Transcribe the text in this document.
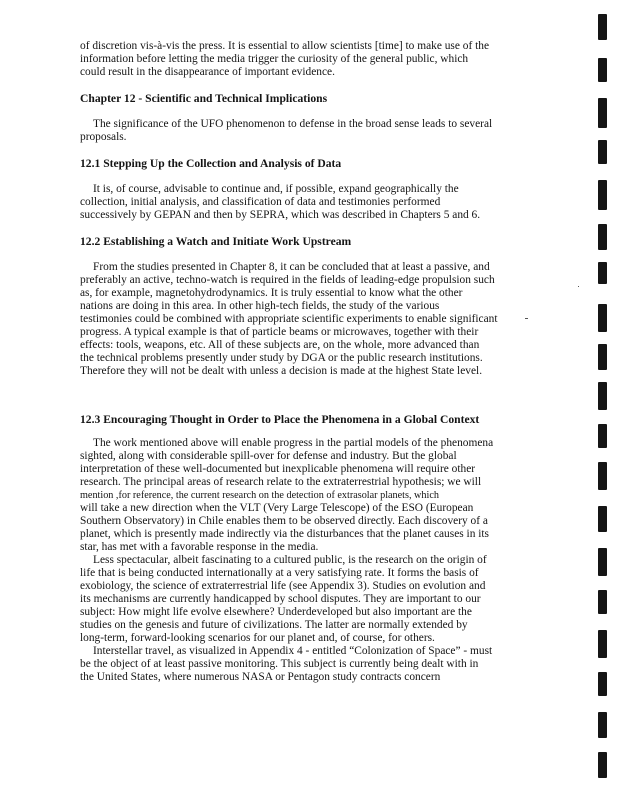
of discretion vis-à-vis the press. It is essential to allow scientists [time] to make use of the
information before letting the media trigger the curiosity of the general public, which
could result in the disappearance of important evidence.
Chapter 12 - Scientific and Technical Implications
The significance of the UFO phenomenon to defense in the broad sense leads to several
proposals.
12.1 Stepping Up the Collection and Analysis of Data
It is, of course, advisable to continue and, if possible, expand geographically the
collection, initial analysis, and classification of data and testimonies performed
successively by GEPAN and then by SEPRA, which was described in Chapters 5 and 6.
12.2 Establishing a Watch and Initiate Work Upstream
From the studies presented in Chapter 8, it can be concluded that at least a passive, and
preferably an active, techno-watch is required in the fields of leading-edge propulsion such
as, for example, magnetohydrodynamics. It is truly essential to know what the other
nations are doing in this area. In other high-tech fields, the study of the various
testimonies could be combined with appropriate scientific experiments to enable significant
progress. A typical example is that of particle beams or microwaves, together with their
effects: tools, weapons, etc. All of these subjects are, on the whole, more advanced than
the technical problems presently under study by DGA or the public research institutions.
Therefore they will not be dealt with unless a decision is made at the highest State level.
12.3 Encouraging Thought in Order to Place the Phenomena in a Global Context
The work mentioned above will enable progress in the partial models of the phenomena
sighted, along with considerable spill-over for defense and industry. But the global
interpretation of these well-documented but inexplicable phenomena will require other
research. The principal areas of research relate to the extraterrestrial hypothesis; we will
mention ,for reference, the current research on the detection of extrasolar planets, which
will take a new direction when the VLT (Very Large Telescope) of the ESO (European
Southern Observatory) in Chile enables them to be observed directly. Each discovery of a
planet, which is presently made indirectly via the disturbances that the planet causes in its
star, has met with a favorable response in the media.
Less spectacular, albeit fascinating to a cultured public, is the research on the origin of
life that is being conducted internationally at a very satisfying rate. It forms the basis of
exobiology, the science of extraterrestrial life (see Appendix 3). Studies on evolution and
its mechanisms are currently handicapped by school disputes. They are important to our
subject: How might life evolve elsewhere? Underdeveloped but also important are the
studies on the genesis and future of civilizations. The latter are normally extended by
long-term, forward-looking scenarios for our planet and, of course, for others.
Interstellar travel, as visualized in Appendix 4 - entitled “Colonization of Space” - must
be the object of at least passive monitoring. This subject is currently being dealt with in
the United States, where numerous NASA or Pentagon study contracts concern
